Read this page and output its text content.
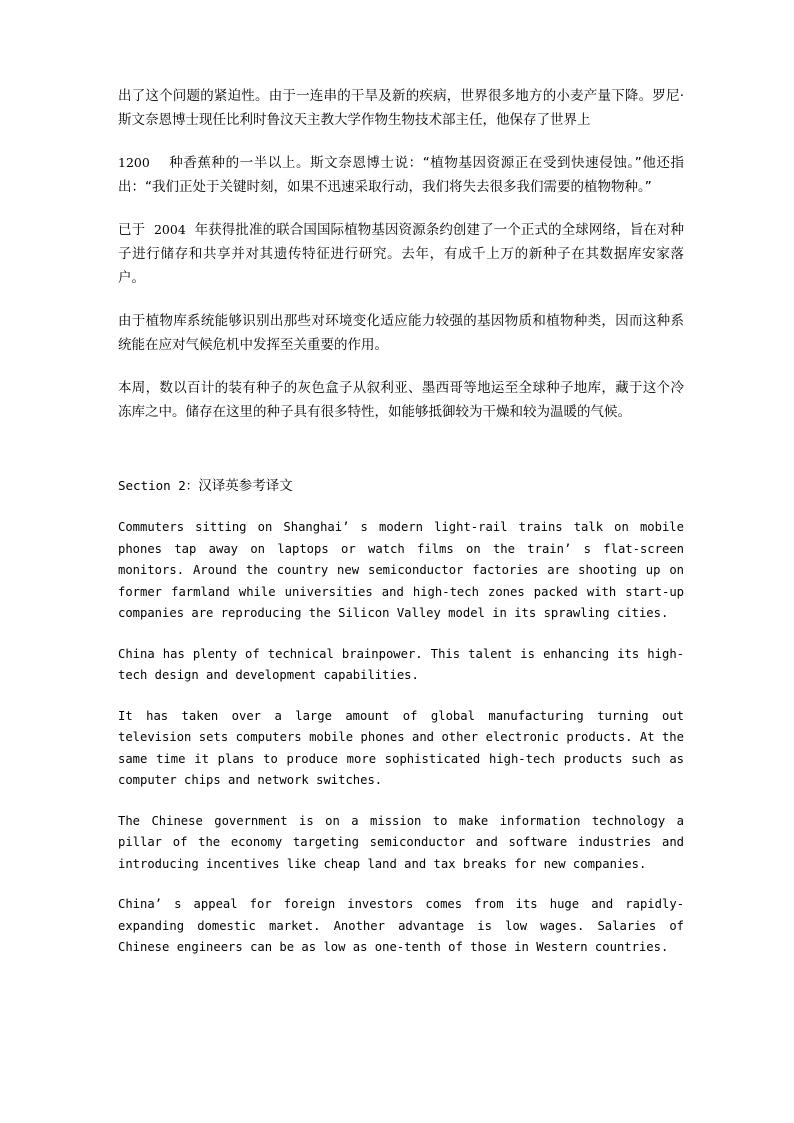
出了这个问题的紧迫性。由于一连串的干旱及新的疾病，世界很多地方的小麦产量下降。罗尼·斯文奈恩博士现任比利时鲁汶天主教大学作物生物技术部主任，他保存了世界上

1200 种香蕉种的一半以上。斯文奈恩博士说：“植物基因资源正在受到快速侵蚀。”他还指出：“我们正处于关键时刻，如果不迅速采取行动，我们将失去很多我们需要的植物物种。”

已于 2004 年获得批准的联合国国际植物基因资源条约创建了一个正式的全球网络，旨在对种子进行储存和共享并对其遗传特征进行研究。去年，有成千上万的新种子在其数据库安家落户。

由于植物库系统能够识别出那些对环境变化适应能力较强的基因物质和植物种类，因而这种系统能在应对气候危机中发挥至关重要的作用。

本周，数以百计的装有种子的灰色盒子从叙利亚、墨西哥等地运至全球种子地库，藏于这个冷冻库之中。储存在这里的种子具有很多特性，如能够抵御较为干燥和较为温暖的气候。

Section 2：汉译英参考译文

Commuters sitting on Shanghai’ s modern light-rail trains talk on mobile phones tap away on laptops or watch films on the train’ s flat-screen monitors. Around the country new semiconductor factories are shooting up on former farmland while universities and high-tech zones packed with start-up companies are reproducing the Silicon Valley model in its sprawling cities.

China has plenty of technical brainpower. This talent is enhancing its high-tech design and development capabilities.

It has taken over a large amount of global manufacturing turning out television sets computers mobile phones and other electronic products. At the same time it plans to produce more sophisticated high-tech products such as computer chips and network switches.

The Chinese government is on a mission to make information technology a pillar of the economy targeting semiconductor and software industries and introducing incentives like cheap land and tax breaks for new companies.

China’ s appeal for foreign investors comes from its huge and rapidly-expanding domestic market. Another advantage is low wages. Salaries of Chinese engineers can be as low as one-tenth of those in Western countries.
